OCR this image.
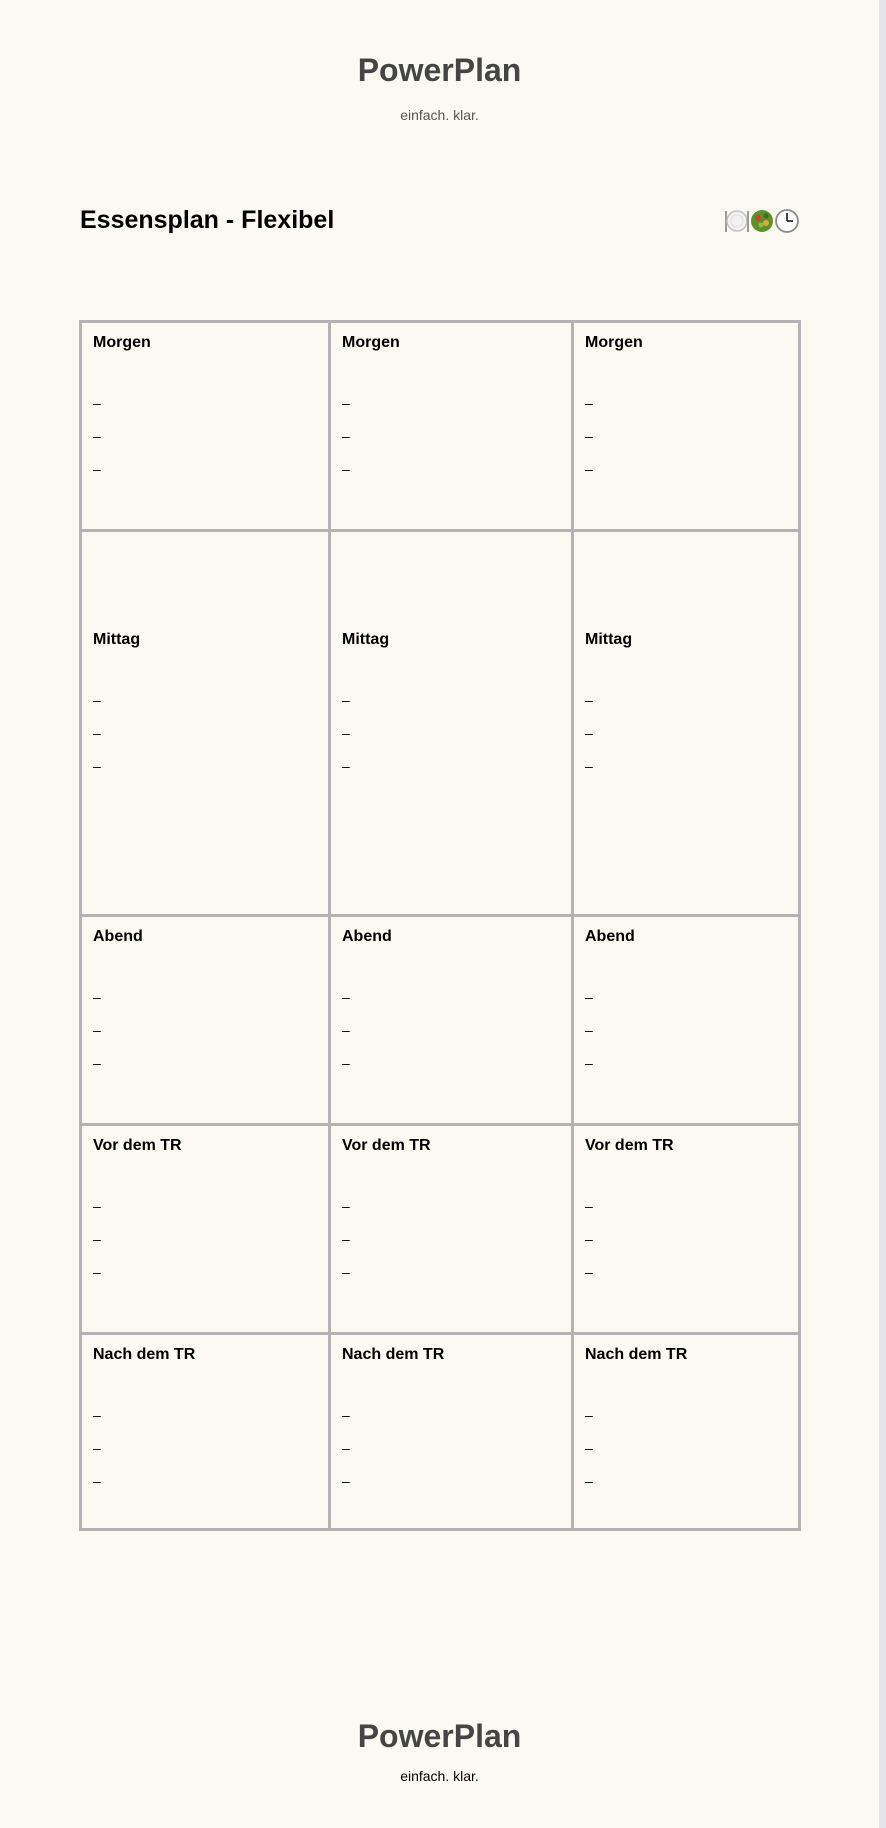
PowerPlan
einfach. klar.
Essensplan - Flexibel
Morgen
–
–
–
Morgen
–
–
–
Morgen
–
–
–
Mittag
–
–
–
Mittag
–
–
–
Mittag
–
–
–
Abend
–
–
–
Abend
–
–
–
Abend
–
–
–
Vor dem TR
–
–
–
Vor dem TR
–
–
–
Vor dem TR
–
–
–
Nach dem TR
–
–
–
Nach dem TR
–
–
–
Nach dem TR
–
–
–
PowerPlan
einfach. klar.
